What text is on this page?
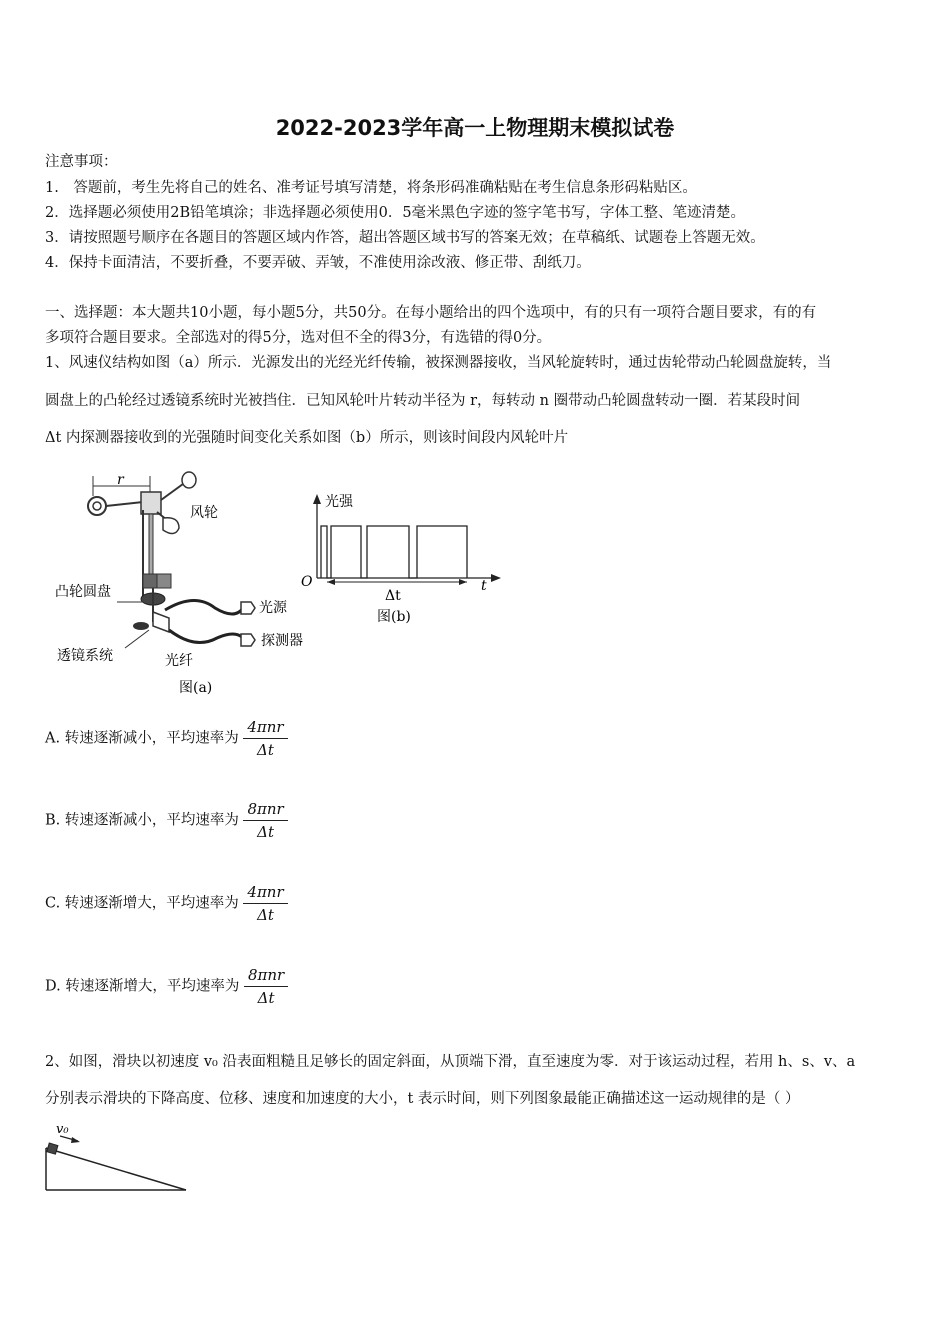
2022-2023学年高一上物理期末模拟试卷
注意事项：
1.　答题前，考生先将自己的姓名、准考证号填写清楚，将条形码准确粘贴在考生信息条形码粘贴区。
2．选择题必须使用2B铅笔填涂；非选择题必须使用0．5毫米黑色字迹的签字笔书写，字体工整、笔迹清楚。
3．请按照题号顺序在各题目的答题区域内作答，超出答题区域书写的答案无效；在草稿纸、试题卷上答题无效。
4．保持卡面清洁，不要折叠，不要弄破、弄皱，不准使用涂改液、修正带、刮纸刀。
一、选择题：本大题共10小题，每小题5分，共50分。在每小题给出的四个选项中，有的只有一项符合题目要求，有的有
多项符合题目要求。全部选对的得5分，选对但不全的得3分，有选错的得0分。
1、风速仪结构如图（a）所示．光源发出的光经光纤传输，被探测器接收，当风轮旋转时，通过齿轮带动凸轮圆盘旋转，当
圆盘上的凸轮经过透镜系统时光被挡住．已知风轮叶片转动半径为 r，每转动 n 圈带动凸轮圆盘转动一圈．若某段时间
Δt 内探测器接收到的光强随时间变化关系如图（b）所示，则该时间段内风轮叶片
r
风轮
凸轮圆盘
光源
探测器
透镜系统	光纤
图(a)
光强
O	t
Δt
图(b)
A. 转速逐渐减小，平均速率为 $\frac{\text{4πnr}}{\Delta t}$
B. 转速逐渐减小，平均速率为 $\frac{\text{8πnr}}{\Delta t}$
C. 转速逐渐增大，平均速率为 $\frac{\text{4πnr}}{\Delta t}$
D. 转速逐渐增大，平均速率为 $\frac{\text{8πnr}}{\Delta t}$
2、如图，滑块以初速度 v₀ 沿表面粗糙且足够长的固定斜面，从顶端下滑，直至速度为零．对于该运动过程，若用 h、s、v、a
分别表示滑块的下降高度、位移、速度和加速度的大小，t 表示时间，则下列图象最能正确描述这一运动规律的是（ ）
v₀
